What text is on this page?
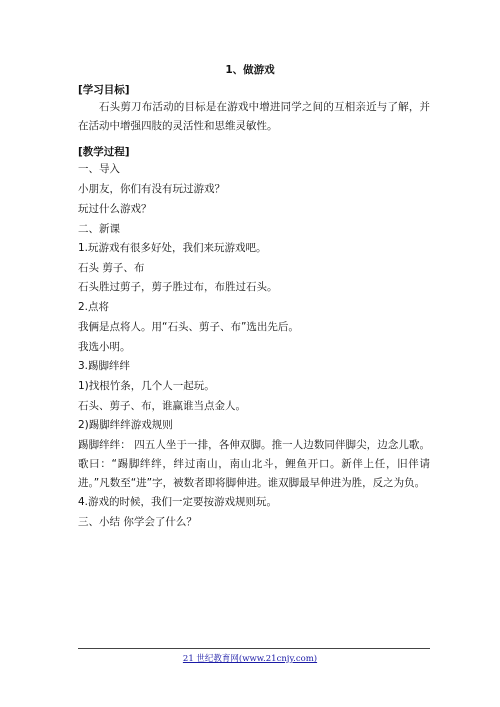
1、做游戏
[学习目标]
石头剪刀布活动的目标是在游戏中增进同学之间的互相亲近与了解，并在活动中增强四肢的灵活性和思维灵敏性。
[教学过程]
一、导入
小朋友，你们有没有玩过游戏？
玩过什么游戏？
二、新课
1.玩游戏有很多好处，我们来玩游戏吧。
石头 剪子、布
石头胜过剪子，剪子胜过布，布胜过石头。
2.点将
我俩是点将人。用“石头、剪子、布”选出先后。
我选小明。
3.踢脚绊绊
1)找根竹条，几个人一起玩。
石头、剪子、布，谁赢谁当点金人。
2)踢脚绊绊游戏规则
踢脚绊绊： 四五人坐于一排，各伸双脚。推一人边数同伴脚尖，边念儿歌。歌曰：“踢脚绊绊，绊过南山，南山北斗，鲤鱼开口。新伴上任，旧伴请进。”凡数至“进”字，被数者即将脚伸进。谁双脚最早伸进为胜，反之为负。
4.游戏的时候，我们一定要按游戏规则玩。
三、小结 你学会了什么？
21 世纪教育网(www.21cnjy.com)
